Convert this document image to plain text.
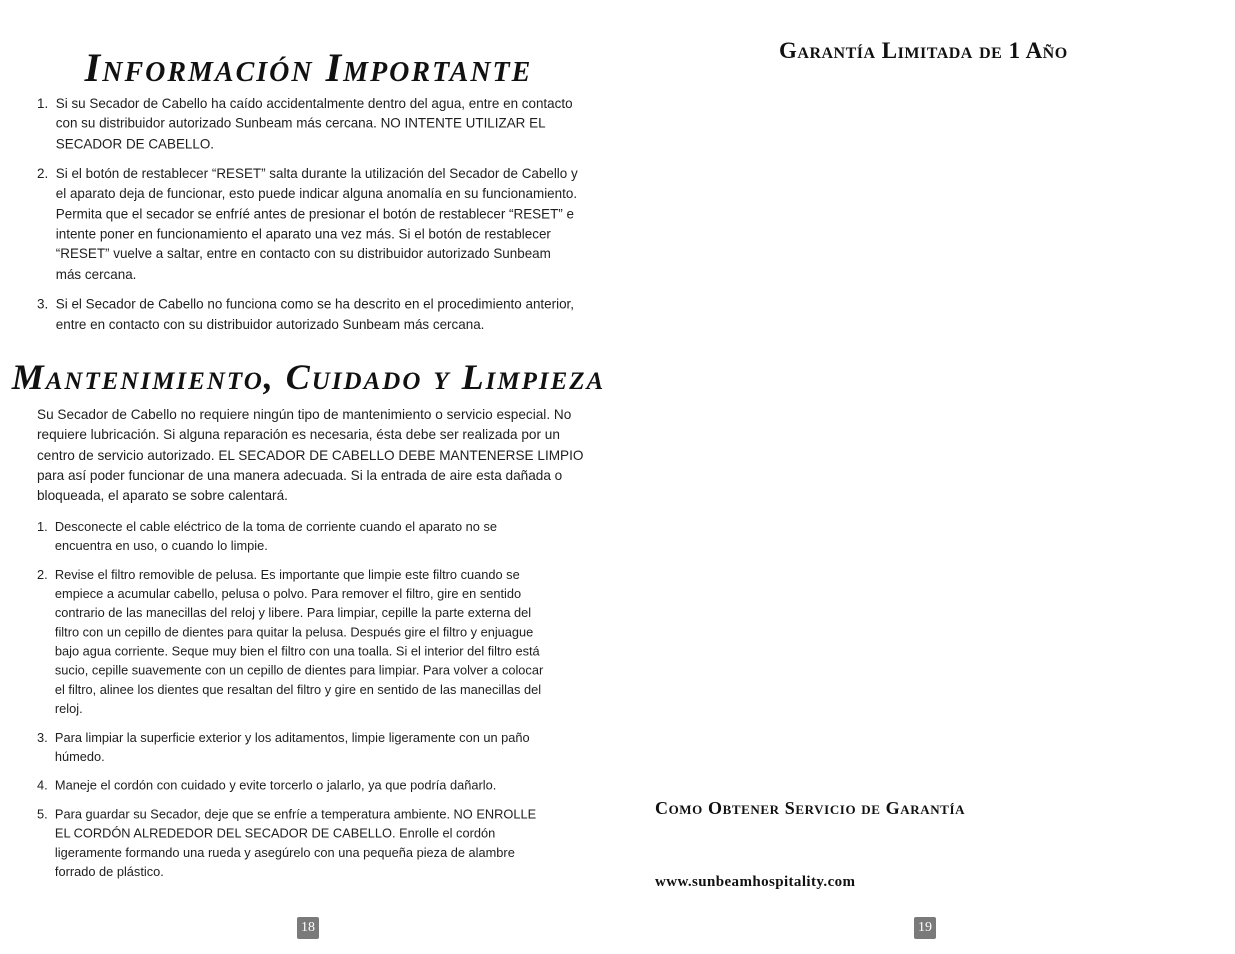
Información Importante
1. Si su Secador de Cabello ha caído accidentalmente dentro del agua, entre en contacto con su distribuidor autorizado Sunbeam más cercana. NO INTENTE UTILIZAR EL SECADOR DE CABELLO.
2. Si el botón de restablecer “RESET” salta durante la utilización del Secador de Cabello y el aparato deja de funcionar, esto puede indicar alguna anomalía en su funcionamiento. Permita que el secador se enfríé antes de presionar el botón de restablecer “RESET” e intente poner en funcionamiento el aparato una vez más. Si el botón de restablecer “RESET” vuelve a saltar, entre en contacto con su distribuidor autorizado Sunbeam más cercana.
3. Si el Secador de Cabello no funciona como se ha descrito en el procedimiento anterior, entre en contacto con su distribuidor autorizado Sunbeam más cercana.
Mantenimiento, Cuidado y Limpieza
Su Secador de Cabello no requiere ningún tipo de mantenimiento o servicio especial. No requiere lubricación. Si alguna reparación es necesaria, ésta debe ser realizada por un centro de servicio autorizado. EL SECADOR DE CABELLO DEBE MANTENERSE LIMPIO para así poder funcionar de una manera adecuada. Si la entrada de aire esta dañada o bloqueada, el aparato se sobre calentará.
1. Desconecte el cable eléctrico de la toma de corriente cuando el aparato no se encuentra en uso, o cuando lo limpie.
2. Revise el filtro removible de pelusa. Es importante que limpie este filtro cuando se empiece a acumular cabello, pelusa o polvo. Para remover el filtro, gire en sentido contrario de las manecillas del reloj y libere. Para limpiar, cepille la parte externa del filtro con un cepillo de dientes para quitar la pelusa. Después gire el filtro y enjuague bajo agua corriente. Seque muy bien el filtro con una toalla. Si el interior del filtro está sucio, cepille suavemente con un cepillo de dientes para limpiar. Para volver a colocar el filtro, alinee los dientes que resaltan del filtro y gire en sentido de las manecillas del reloj.
3. Para limpiar la superficie exterior y los aditamentos, limpie ligeramente con un paño húmedo.
4. Maneje el cordón con cuidado y evite torcerlo o jalarlo, ya que podría dañarlo.
5. Para guardar su Secador, deje que se enfríe a temperatura ambiente. NO ENROLLE EL CORDÓN ALREDEDOR DEL SECADOR DE CABELLO. Enrolle el cordón ligeramente formando una rueda y asegúrelo con una pequeña pieza de alambre forrado de plástico.
18
Garantía Limitada de 1 Año
Como Obtener Servicio de Garantía
www.sunbeamhospitality.com
19
